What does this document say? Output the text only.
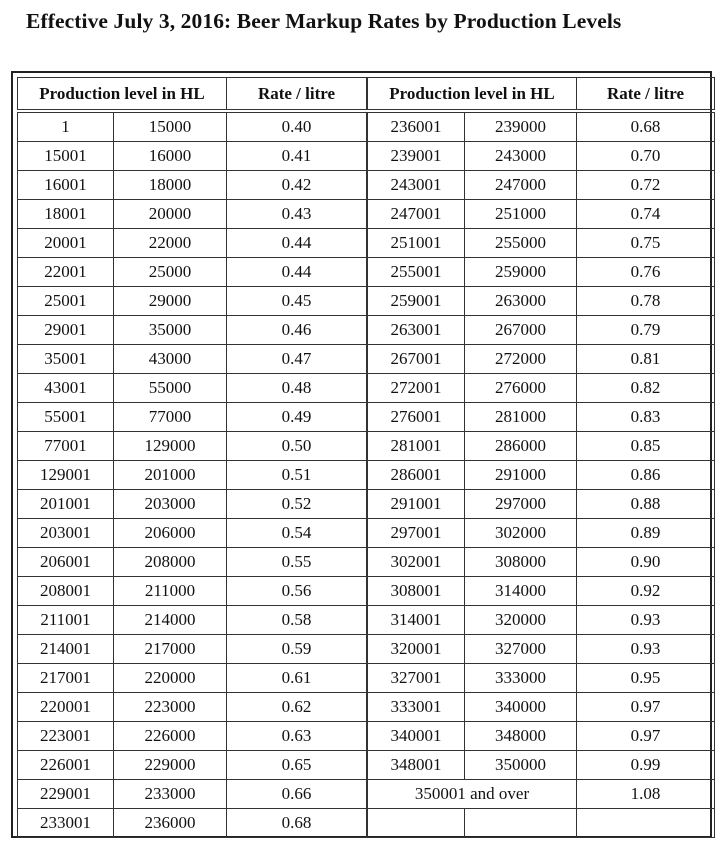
Effective July 3, 2016: Beer Markup Rates by Production Levels
Production level in HL		Rate / litre

1	15000	0.40
15001	16000	0.41
16001	18000	0.42
18001	20000	0.43
20001	22000	0.44
22001	25000	0.44
25001	29000	0.45
29001	35000	0.46
35001	43000	0.47
43001	55000	0.48
55001	77000	0.49
77001	129000	0.50
129001	201000	0.51
201001	203000	0.52
203001	206000	0.54
206001	208000	0.55
208001	211000	0.56
211001	214000	0.58
214001	217000	0.59
217001	220000	0.61
220001	223000	0.62
223001	226000	0.63
226001	229000	0.65
229001	233000	0.66
233001	236000	0.68
Production level in HL		Rate / litre

236001	239000	0.68
239001	243000	0.70
243001	247000	0.72
247001	251000	0.74
251001	255000	0.75
255001	259000	0.76
259001	263000	0.78
263001	267000	0.79
267001	272000	0.81
272001	276000	0.82
276001	281000	0.83
281001	286000	0.85
286001	291000	0.86
291001	297000	0.88
297001	302000	0.89
302001	308000	0.90
308001	314000	0.92
314001	320000	0.93
320001	327000	0.93
327001	333000	0.95
333001	340000	0.97
340001	348000	0.97
348001	350000	0.99
350001 and over		1.08
